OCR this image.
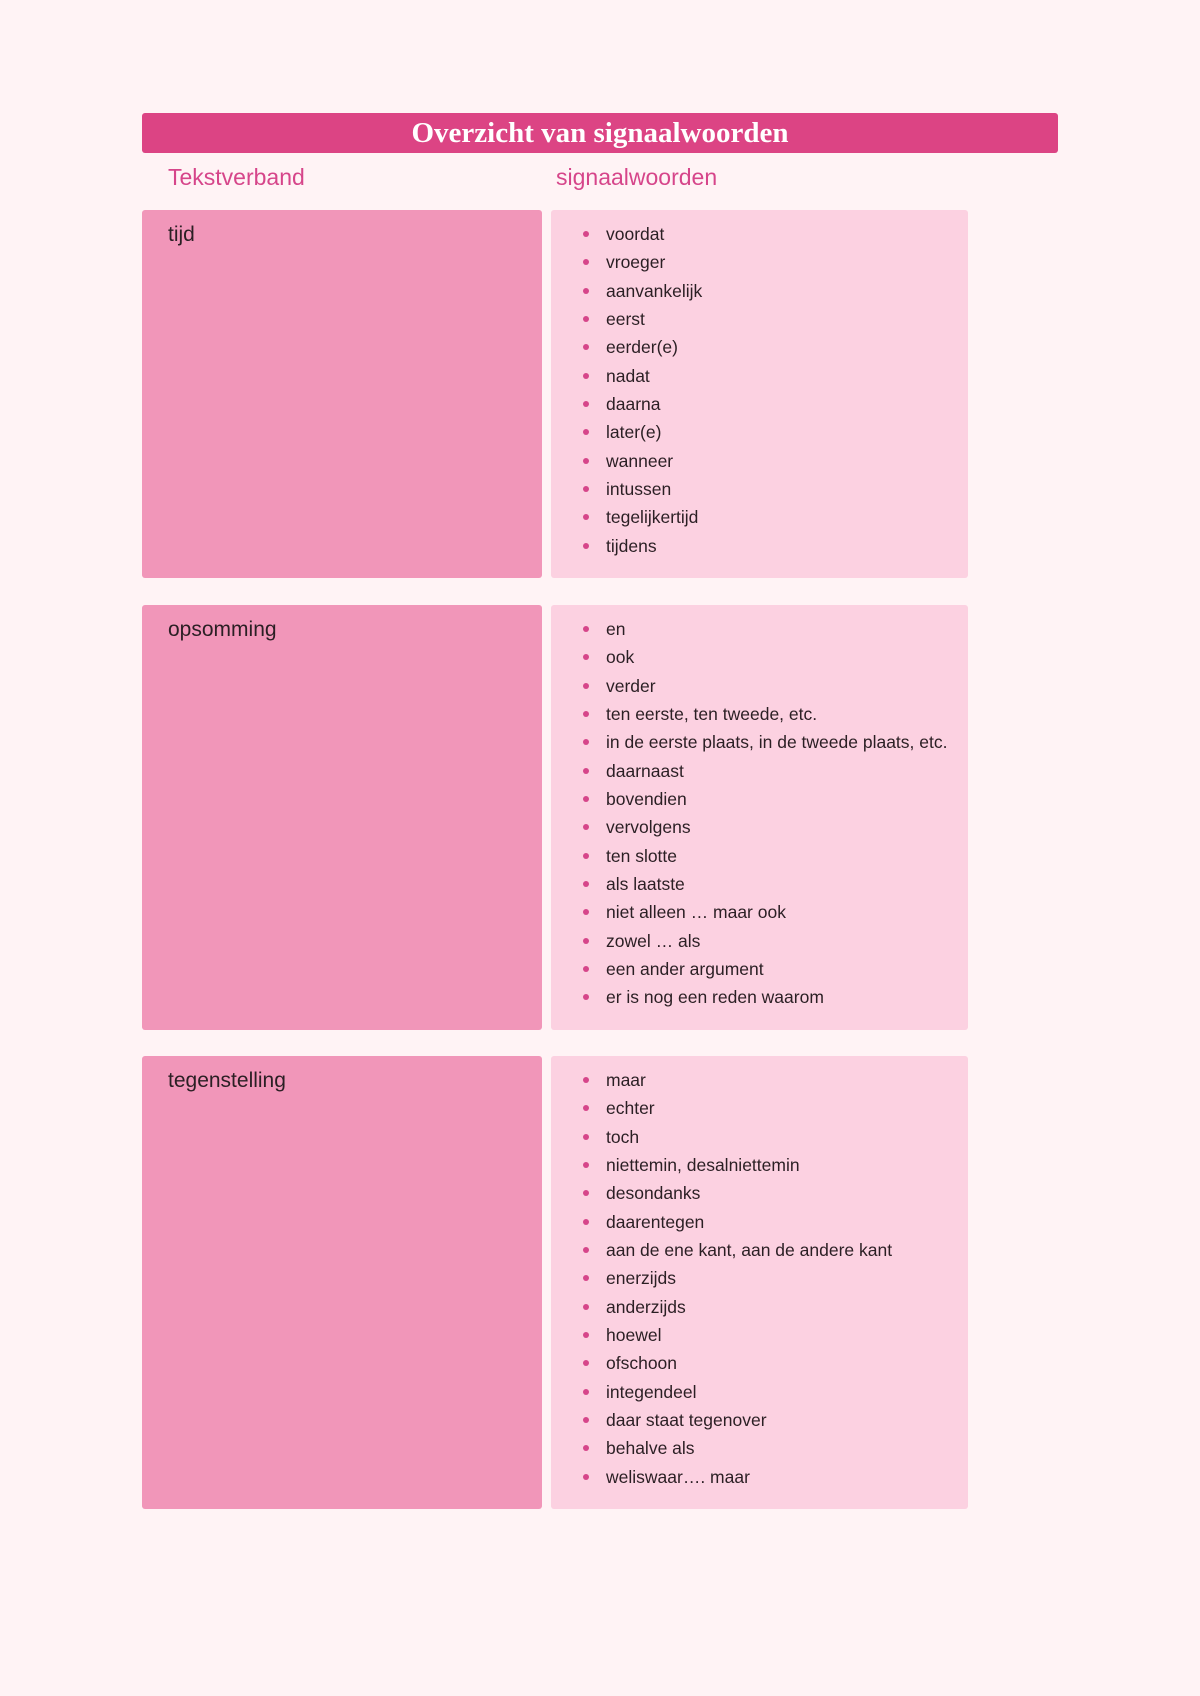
Overzicht van signaalwoorden
Tekstverband	signaalwoorden
tijd	voordat
vroeger
aanvankelijk
eerst
eerder(e)
nadat
daarna
later(e)
wanneer
intussen
tegelijkertijd
tijdens
opsomming	en
ook
verder
ten eerste, ten tweede, etc.
in de eerste plaats, in de tweede plaats, etc.
daarnaast
bovendien
vervolgens
ten slotte
als laatste
niet alleen … maar ook
zowel … als
een ander argument
er is nog een reden waarom
tegenstelling	maar
echter
toch
niettemin, desalniettemin
desondanks
daarentegen
aan de ene kant, aan de andere kant
enerzijds
anderzijds
hoewel
ofschoon
integendeel
daar staat tegenover
behalve als
weliswaar…. maar
